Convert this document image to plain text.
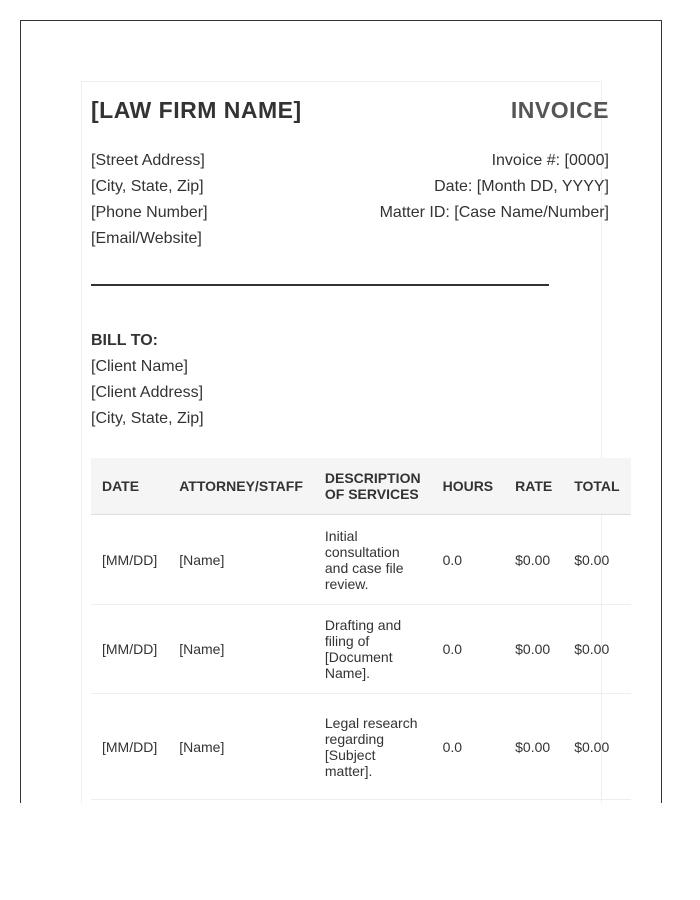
[LAW FIRM NAME]	INVOICE
[Street Address]
[City, State, Zip]
[Phone Number]
[Email/Website]
Invoice #: [0000]
Date: [Month DD, YYYY]
Matter ID: [Case Name/Number]
BILL TO:
[Client Name]
[Client Address]
[City, State, Zip]
DATE	ATTORNEY/STAFF	DESCRIPTION OF SERVICES	HOURS	RATE	TOTAL
[MM/DD]	[Name]	Initial consultation and case file review.	0.0	$0.00	$0.00
[MM/DD]	[Name]	Drafting and filing of [Document Name].	0.0	$0.00	$0.00
[MM/DD]	[Name]	Legal research regarding [Subject matter].	0.0	$0.00	$0.00
